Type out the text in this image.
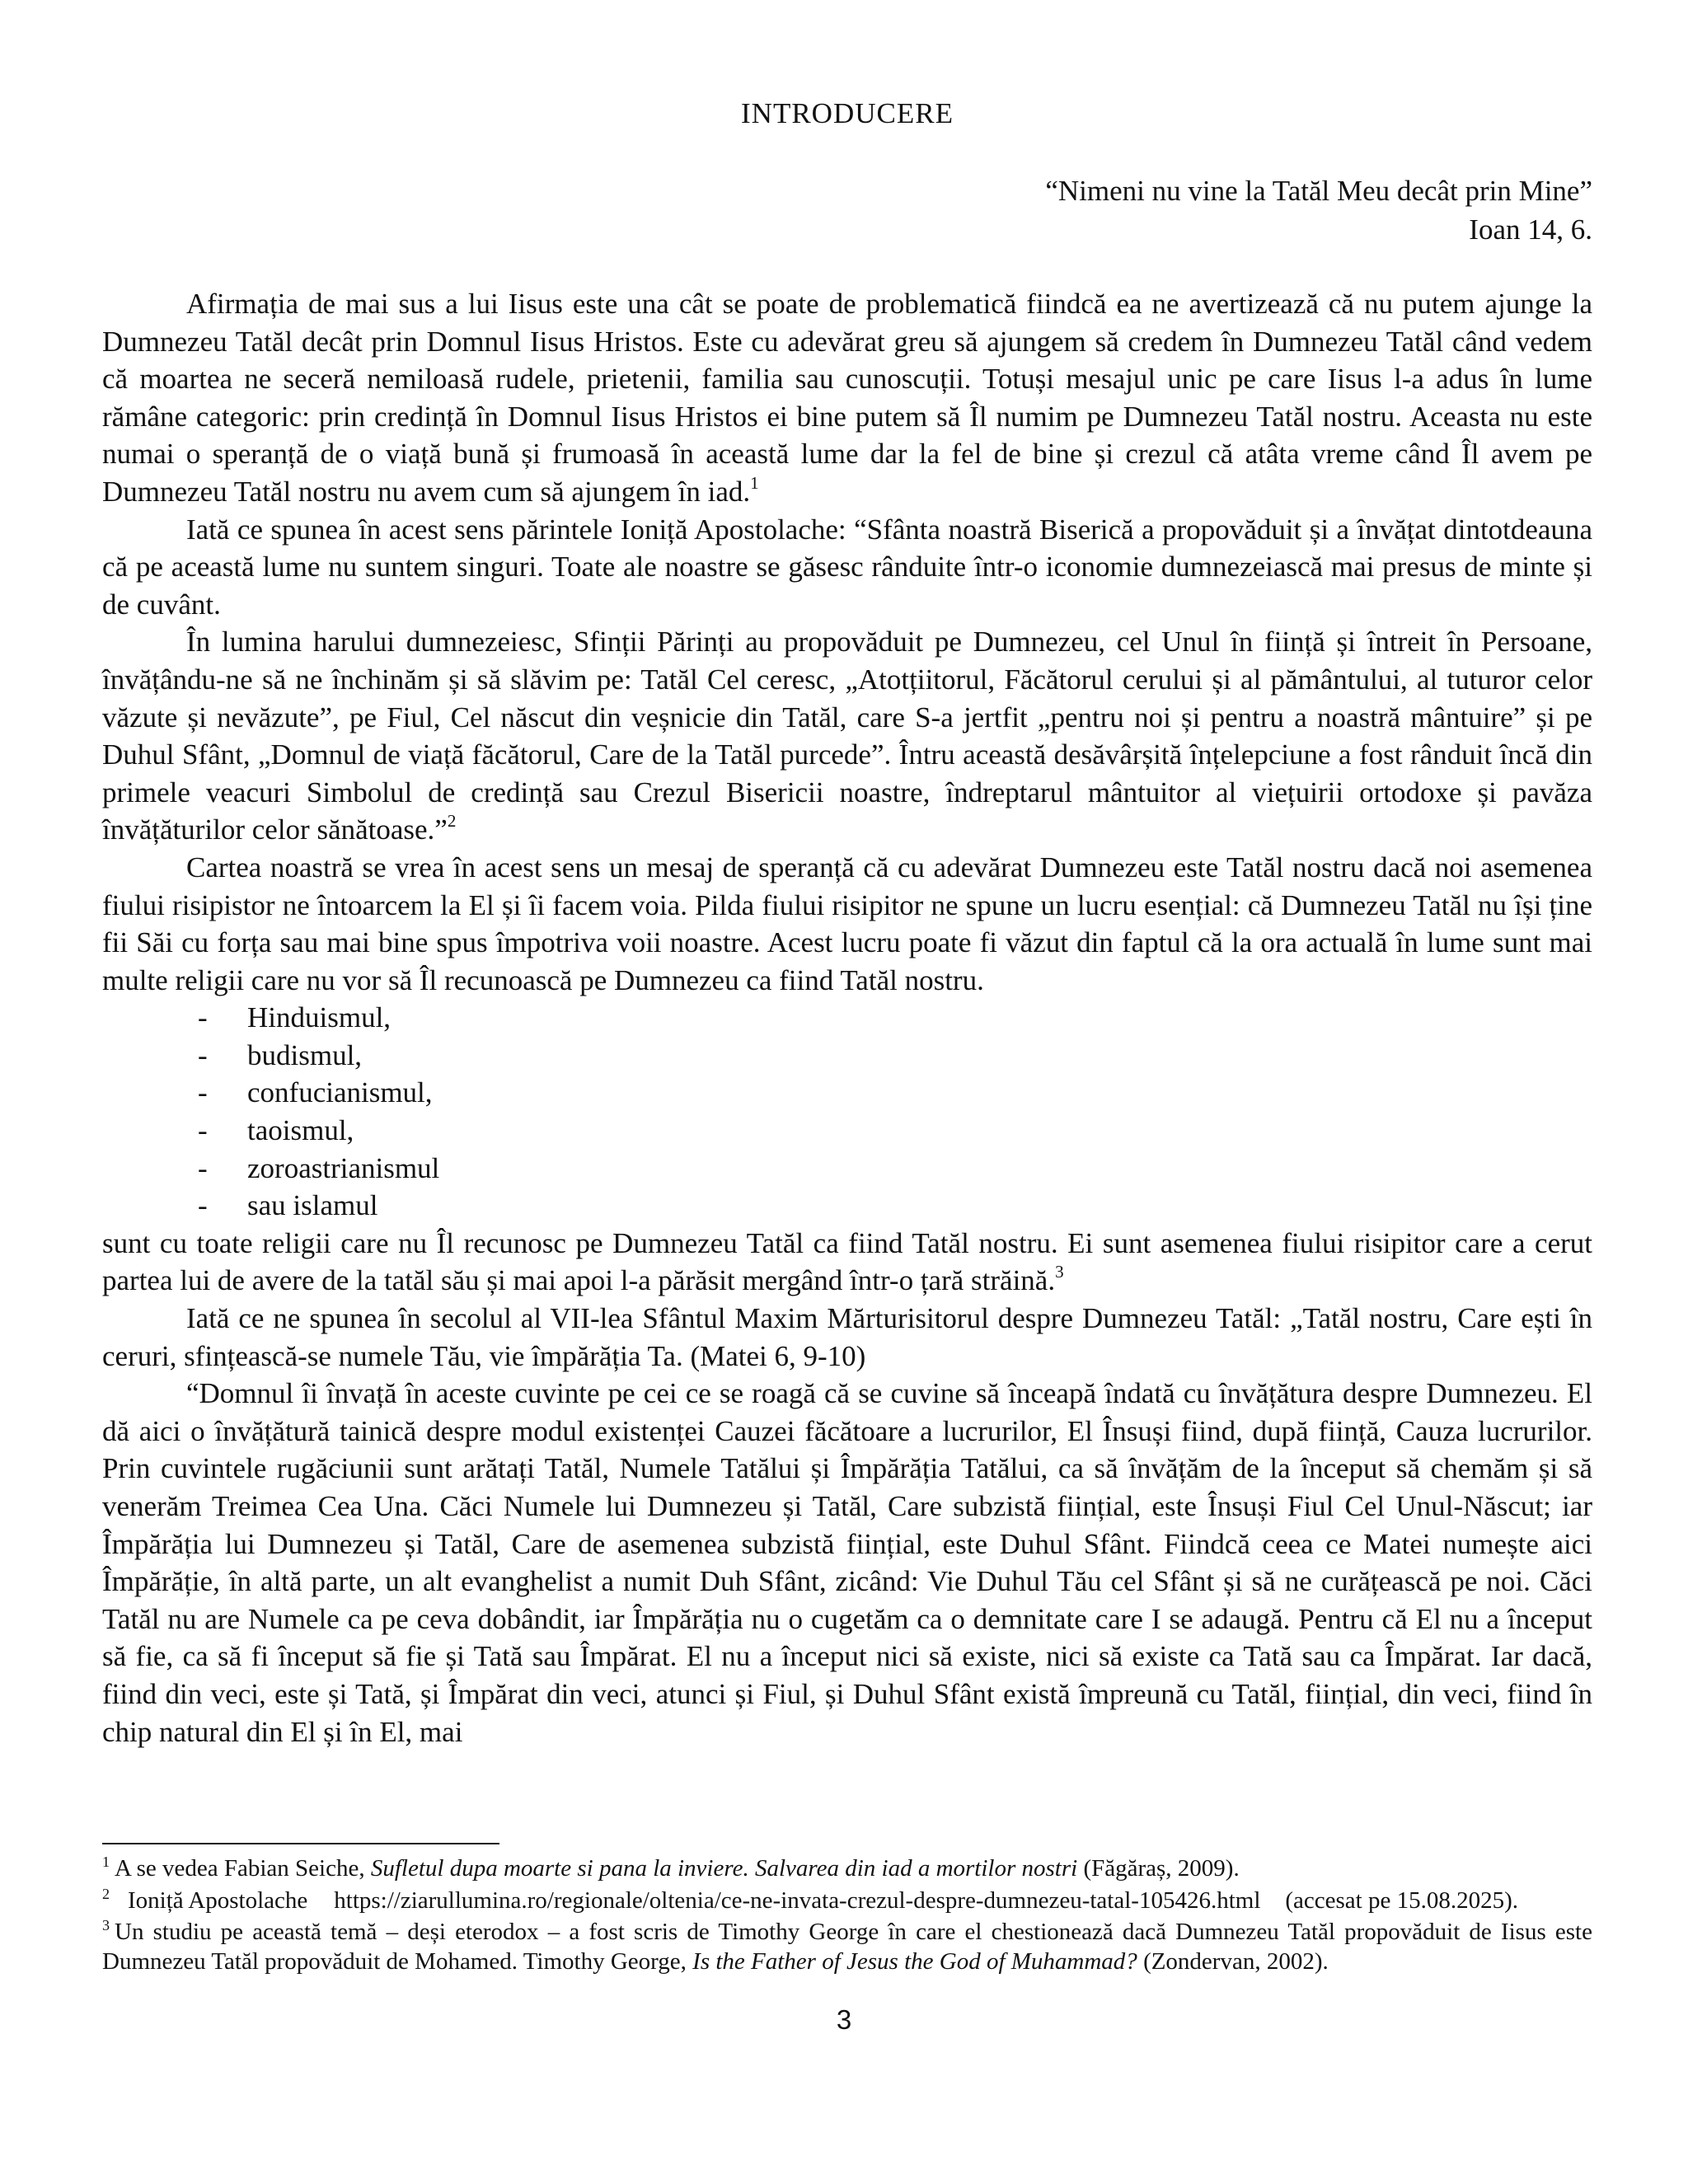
INTRODUCERE
“Nimeni nu vine la Tatăl Meu decât prin Mine”
Ioan 14, 6.

Afirmația de mai sus a lui Iisus este una cât se poate de problematică fiindcă ea ne avertizează că nu putem ajunge la Dumnezeu Tatăl decât prin Domnul Iisus Hristos. Este cu adevărat greu să ajungem să credem în Dumnezeu Tatăl când vedem că moartea ne seceră nemiloasă rudele, prietenii, familia sau cunoscuții. Totuși mesajul unic pe care Iisus l-a adus în lume rămâne categoric: prin credință în Domnul Iisus Hristos ei bine putem să Îl numim pe Dumnezeu Tatăl nostru. Aceasta nu este numai o speranță de o viață bună și frumoasă în această lume dar la fel de bine și crezul că atâta vreme când Îl avem pe Dumnezeu Tatăl nostru nu avem cum să ajungem în iad.$^1$

Iată ce spunea în acest sens părintele Ioniță Apostolache: “Sfânta noastră Biserică a propovăduit și a învățat dintotdeauna că pe această lume nu suntem singuri. Toate ale noastre se găsesc rânduite într-o iconomie dumnezeiască mai presus de minte și de cuvânt.

În lumina harului dumnezeiesc, Sfinții Părinți au propovăduit pe Dumnezeu, cel Unul în ființă și întreit în Persoane, învățându-ne să ne închinăm și să slăvim pe: Tatăl Cel ceresc, „Atotțiitorul, Făcătorul cerului și al pământului, al tuturor celor văzute și nevăzute”, pe Fiul, Cel născut din veșnicie din Tatăl, care S-a jertfit „pentru noi și pentru a noastră mântuire” și pe Duhul Sfânt, „Domnul de viață făcătorul, Care de la Tatăl purcede”. Întru această desăvârșită înțelepciune a fost rânduit încă din primele veacuri Simbolul de credință sau Crezul Bisericii noastre, îndreptarul mântuitor al viețuirii ortodoxe și pavăza învățăturilor celor sănătoase.”$^2$

Cartea noastră se vrea în acest sens un mesaj de speranță că cu adevărat Dumnezeu este Tatăl nostru dacă noi asemenea fiului risipistor ne întoarcem la El și îi facem voia. Pilda fiului risipitor ne spune un lucru esențial: că Dumnezeu Tatăl nu își ține fii Săi cu forța sau mai bine spus împotriva voii noastre. Acest lucru poate fi văzut din faptul că la ora actuală în lume sunt mai multe religii care nu vor să Îl recunoască pe Dumnezeu ca fiind Tatăl nostru.

- Hinduismul,
- budismul,
- confucianismul,
- taoismul,
- zoroastrianismul
- sau islamul

sunt cu toate religii care nu Îl recunosc pe Dumnezeu Tatăl ca fiind Tatăl nostru. Ei sunt asemenea fiului risipitor care a cerut partea lui de avere de la tatăl său și mai apoi l-a părăsit mergând într-o țară străină.$^3$

Iată ce ne spunea în secolul al VII-lea Sfântul Maxim Mărturisitorul despre Dumnezeu Tatăl: „Tatăl nostru, Care ești în ceruri, sfințească-se numele Tău, vie împărăția Ta. (Matei 6, 9-10)

“Domnul îi învață în aceste cuvinte pe cei ce se roagă că se cuvine să înceapă îndată cu învățătura despre Dumnezeu. El dă aici o învățătură tainică despre modul existenței Cauzei făcătoare a lucrurilor, El Însuși fiind, după ființă, Cauza lucrurilor. Prin cuvintele rugăciunii sunt arătați Tatăl, Numele Tatălui și Împărăția Tatălui, ca să învățăm de la început să chemăm și să venerăm Treimea Cea Una. Căci Numele lui Dumnezeu și Tatăl, Care subzistă ființial, este Însuși Fiul Cel Unul-Născut; iar Împărăția lui Dumnezeu și Tatăl, Care de asemenea subzistă ființial, este Duhul Sfânt. Fiindcă ceea ce Matei numește aici Împărăție, în altă parte, un alt evanghelist a numit Duh Sfânt, zicând: Vie Duhul Tău cel Sfânt și să ne curățească pe noi. Căci Tatăl nu are Numele ca pe ceva dobândit, iar Împărăția nu o cugetăm ca o demnitate care I se adaugă. Pentru că El nu a început să fie, ca să fi început să fie și Tată sau Împărat. El nu a început nici să existe, nici să existe ca Tată sau ca Împărat. Iar dacă, fiind din veci, este și Tată, și Împărat din veci, atunci și Fiul, și Duhul Sfânt există împreună cu Tatăl, ființial, din veci, fiind în chip natural din El și în El, mai

$^1$ A se vedea Fabian Seiche, Sufletul dupa moarte si pana la inviere. Salvarea din iad a mortilor nostri (Făgăraș, 2009).

$^2$ Ioniță Apostolache https://ziarullumina.ro/regionale/oltenia/ce-ne-invata-crezul-despre-dumnezeu-tatal-105426.html (accesat pe 15.08.2025).

$^3$ Un studiu pe această temă – deși eterodox – a fost scris de Timothy George în care el chestionează dacă Dumnezeu Tatăl propovăduit de Iisus este Dumnezeu Tatăl propovăduit de Mohamed. Timothy George, Is the Father of Jesus the God of Muhammad? (Zondervan, 2002).

3
